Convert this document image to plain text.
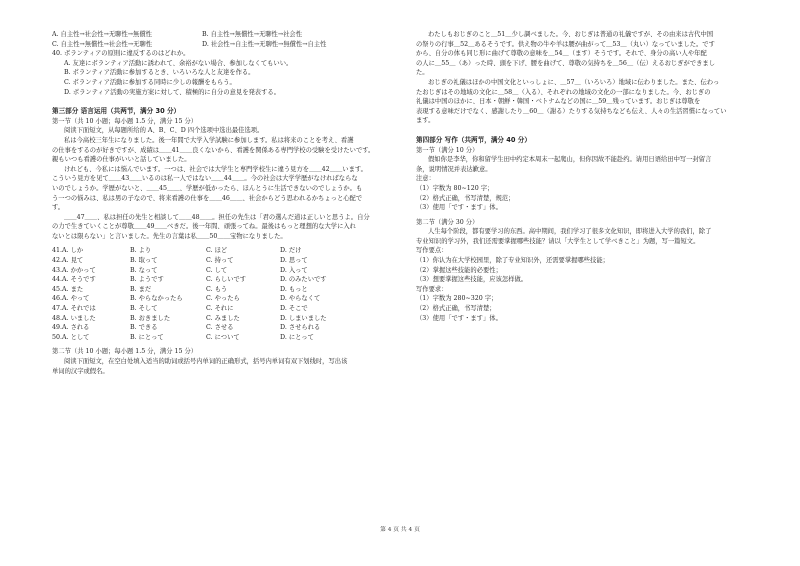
A. 自主性→社会性→无聊性→無償性	B. 自主性→無償性→无聊性→社会性
C. 自主性→無償性→社会性→无聊性	D. 社会性→自主性→无聊性→無償性→自主性
40. ボランティアの原則に違反するのはどれか。
A. 友達にボランティア活動に誘われて、余裕がない場合、参加しなくてもいい。
B. ボランティア活動に参加するとき、いろいろな人と友達を作る。
C. ボランティア活動に参加する同時に少しの報酬をもらう。
D. ボランティア活動の実施方案に対して、積極的に自分の意見を発表する。
第三部分 语言运用（共两节，满分 30 分）
第一节（共 10 小题；每小题 1.5 分，满分 15 分）
阅读下面短文，从每题所给的 A、B、C、D 四个选项中选出最佳选项。
私は今高校三年生になりました。後一年間で大学入学試験に参加します。私は将来のことを考え、看護
の仕事をするのが好きですが、成績は＿＿41＿＿良くないから、看護を関係ある専門学校の受験を受けたいです。
親もいつも看護の仕事がいいと話していました。
けれども、今私には悩んでいます。一つは、社会では大学生と専門学校生に違う見方を＿＿42＿＿います。
こういう見方を见て＿＿43＿＿いるのは私一人ではない＿＿44＿＿。今の社会は大学学歴がなければならな
いのでしょうか。学歴がないと、＿＿45＿＿、学歴が低かったら、ほんとうに生活できないのでしょうか。も
う一つの悩みは、私は男の子なので、将来看護の仕事を＿＿46＿＿、社会からどう思われるかちょっと心配で
す。
＿＿47＿＿、私は担任の先生と相談して＿＿48＿＿。担任の先生は「君の選んだ道は正しいと思うよ。自分
の力で生きていくことが尊敬＿＿49＿＿べきだ。後一年間、頑張ってね。最後はもっと理想的な大学に入れ
ないとは限らない」と言いました。先生の言葉は私＿＿50＿＿宝物になりました。
41.A. しか	B. より	C. ほど	D. だけ
42.A. 見て	B. 取って	C. 持って	D. 思って
43.A. かかって	B. なって	C. して	D. 入って
44.A. そうです	B. ようです	C. らしいです	D. のみたいです
45.A. また	B. まだ	C. もう	D. もっと
46.A. やって	B. やらなかったら	C. やったら	D. やらなくて
47.A. それでは	B. そして	C. それに	D. そこで
48.A. いました	B. おきました	C. みました	D. しまいました
49.A. される	B. できる	C. させる	D. させられる
50.A. として	B. にとって	C. について	D. にとって
第二节（共 10 小题；每小题 1.5 分，满分 15 分）
阅读下面短文，在空白处填入适当的助词或括号内单词的正确形式，括号内单词有双下划线时，写出该
单词的汉字或假名。
わたしもおじぎのこと＿51＿少し調べました。今、おじぎは普通の礼儀ですが、その由来は古代中国
の祭りの行事＿52＿あるそうです。供え物の牛や羊は腰が曲がって＿53＿（丸い）なっていました。です
から、自分の体も同じ形に曲げて尊敬の意味を＿54＿（ます）そうです。それで、身分の高い人や年配
の人に＿55＿（あ）った時、頭を下げ、腰を曲げて、尊敬の気持ちを＿56＿（伝）えるおじぎができまし
た。
おじぎの礼儀はほかの中国文化といっしょに、＿57＿（いろいろ）地域に伝わりました。また、伝わっ
たおじぎはその地域の文化に＿58＿（入る）、それぞれの地域の文化の一部になりました。今、おじぎの
礼儀は中国のほかに、日本・朝鮮・韓国・ベトナムなどの国に＿59＿残っています。おじぎは尊敬を
表現する意味だけでなく、感謝したり＿60＿（謝る）たりする気持ちなども伝え、人々の生活習慣になってい
ます。
第四部分 写作（共两节，满分 40 分）
第一节（满分 10 分）
假如你是李华，你和留学生田中约定本周末一起爬山，但你因故不能赴约。请用日语给田中写一封留言
条，说明情况并表达歉意。
注意：
（1）字数为 80~120 字；
（2）格式正确，书写清楚，规范；
（3）使用「です・ます」体。
第二节（满分 30 分）
人生每个阶段，都有要学习的东西。高中期间，我们学习了很多文化知识，即将进入大学的我们，除了
专业知识的学习外，我们还需要掌握哪些技能？请以「大学生として学べきこと」为题，写一篇短文。
写作要点：
（1）你认为在大学校园里，除了专业知识外，还需要掌握哪些技能；
（2）掌握这些技能的必要性；
（3）想要掌握这些技能，应该怎样做。
写作要求：
（1）字数为 280~320 字；
（2）格式正确，书写清楚；
（3）使用「です・ます」体。
第 4 页 共 4 页
